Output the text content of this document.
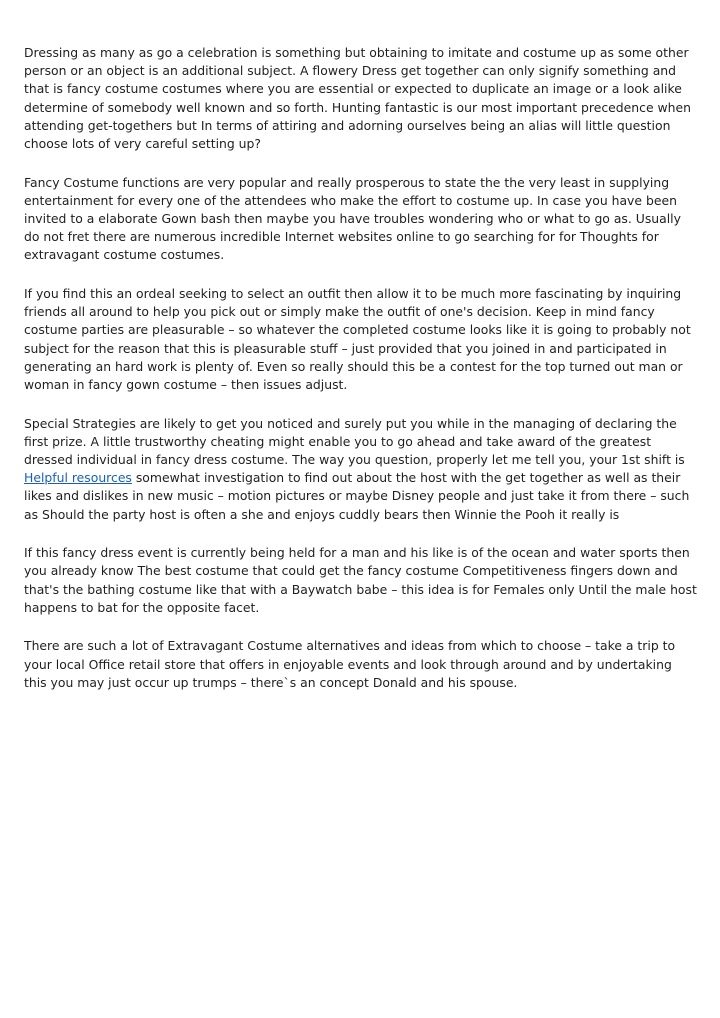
Dressing as many as go a celebration is something but obtaining to imitate and costume up as some other person or an object is an additional subject. A flowery Dress get together can only signify something and that is fancy costume costumes where you are essential or expected to duplicate an image or a look alike determine of somebody well known and so forth. Hunting fantastic is our most important precedence when attending get-togethers but In terms of attiring and adorning ourselves being an alias will little question choose lots of very careful setting up?

Fancy Costume functions are very popular and really prosperous to state the the very least in supplying entertainment for every one of the attendees who make the effort to costume up. In case you have been invited to a elaborate Gown bash then maybe you have troubles wondering who or what to go as. Usually do not fret there are numerous incredible Internet websites online to go searching for for Thoughts for extravagant costume costumes.

If you find this an ordeal seeking to select an outfit then allow it to be much more fascinating by inquiring friends all around to help you pick out or simply make the outfit of one's decision. Keep in mind fancy costume parties are pleasurable – so whatever the completed costume looks like it is going to probably not subject for the reason that this is pleasurable stuff – just provided that you joined in and participated in generating an hard work is plenty of. Even so really should this be a contest for the top turned out man or woman in fancy gown costume – then issues adjust.

Special Strategies are likely to get you noticed and surely put you while in the managing of declaring the first prize. A little trustworthy cheating might enable you to go ahead and take award of the greatest dressed individual in fancy dress costume. The way you question, properly let me tell you, your 1st shift is Helpful resources somewhat investigation to find out about the host with the get together as well as their likes and dislikes in new music – motion pictures or maybe Disney people and just take it from there – such as Should the party host is often a she and enjoys cuddly bears then Winnie the Pooh it really is

If this fancy dress event is currently being held for a man and his like is of the ocean and water sports then you already know The best costume that could get the fancy costume Competitiveness fingers down and that's the bathing costume like that with a Baywatch babe – this idea is for Females only Until the male host happens to bat for the opposite facet.

There are such a lot of Extravagant Costume alternatives and ideas from which to choose – take a trip to your local Office retail store that offers in enjoyable events and look through around and by undertaking this you may just occur up trumps – there`s an concept Donald and his spouse.
